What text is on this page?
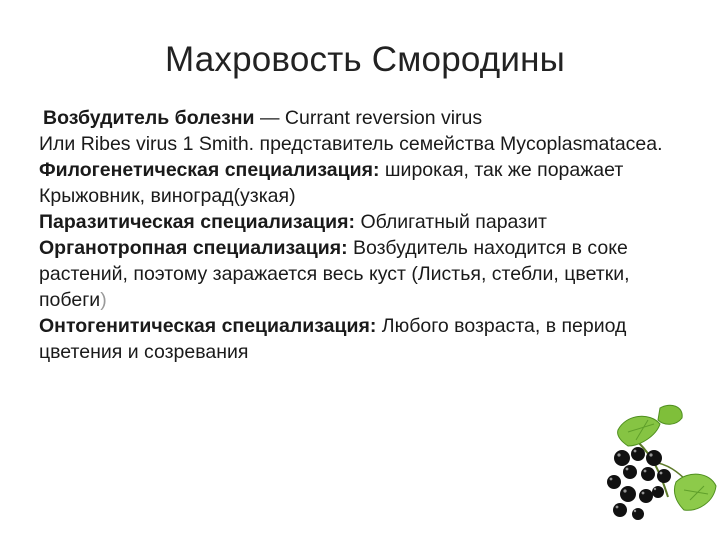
Махровость Смородины

Возбудитель болезни — Currant reversion virus

Или Ribes virus 1 Smith. представитель семейства Mycoplasmatacea.

Филогенетическая специализация: широкая, так же поражает Крыжовник, виноград(узкая)

Паразитическая специализация: Облигатный паразит

Органотропная специализация: Возбудитель находится в соке растений, поэтому заражается весь куст (Листья, стебли, цветки, побеги)

Онтогенитическая специализация: Любого возраста, в период цветения и созревания
